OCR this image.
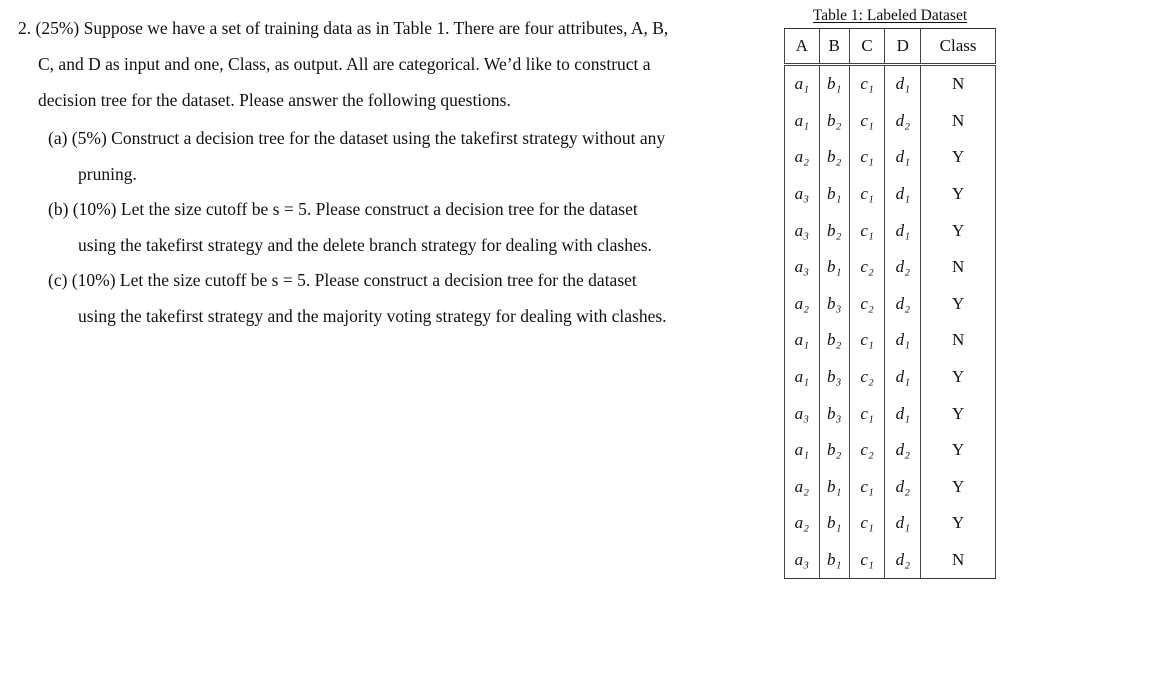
2. (25%) Suppose we have a set of training data as in Table 1. There are four attributes, A, B,
C, and D as input and one, Class, as output. All are categorical. We’d like to construct a
decision tree for the dataset. Please answer the following questions.
(a) (5%) Construct a decision tree for the dataset using the takefirst strategy without any
pruning.
(b) (10%) Let the size cutoff be s = 5. Please construct a decision tree for the dataset
using the takefirst strategy and the delete branch strategy for dealing with clashes.
(c) (10%) Let the size cutoff be s = 5. Please construct a decision tree for the dataset
using the takefirst strategy and the majority voting strategy for dealing with clashes.
Table 1: Labeled Dataset
A	B	C	D	Class
a₁	b₁	c₁	d₁	N
a₁	b₂	c₁	d₂	N
a₂	b₂	c₁	d₁	Y
a₃	b₁	c₁	d₁	Y
a₃	b₂	c₁	d₁	Y
a₃	b₁	c₂	d₂	N
a₂	b₃	c₂	d₂	Y
a₁	b₂	c₁	d₁	N
a₁	b₃	c₂	d₁	Y
a₃	b₃	c₁	d₁	Y
a₁	b₂	c₂	d₂	Y
a₂	b₁	c₁	d₂	Y
a₂	b₁	c₁	d₁	Y
a₃	b₁	c₁	d₂	N
